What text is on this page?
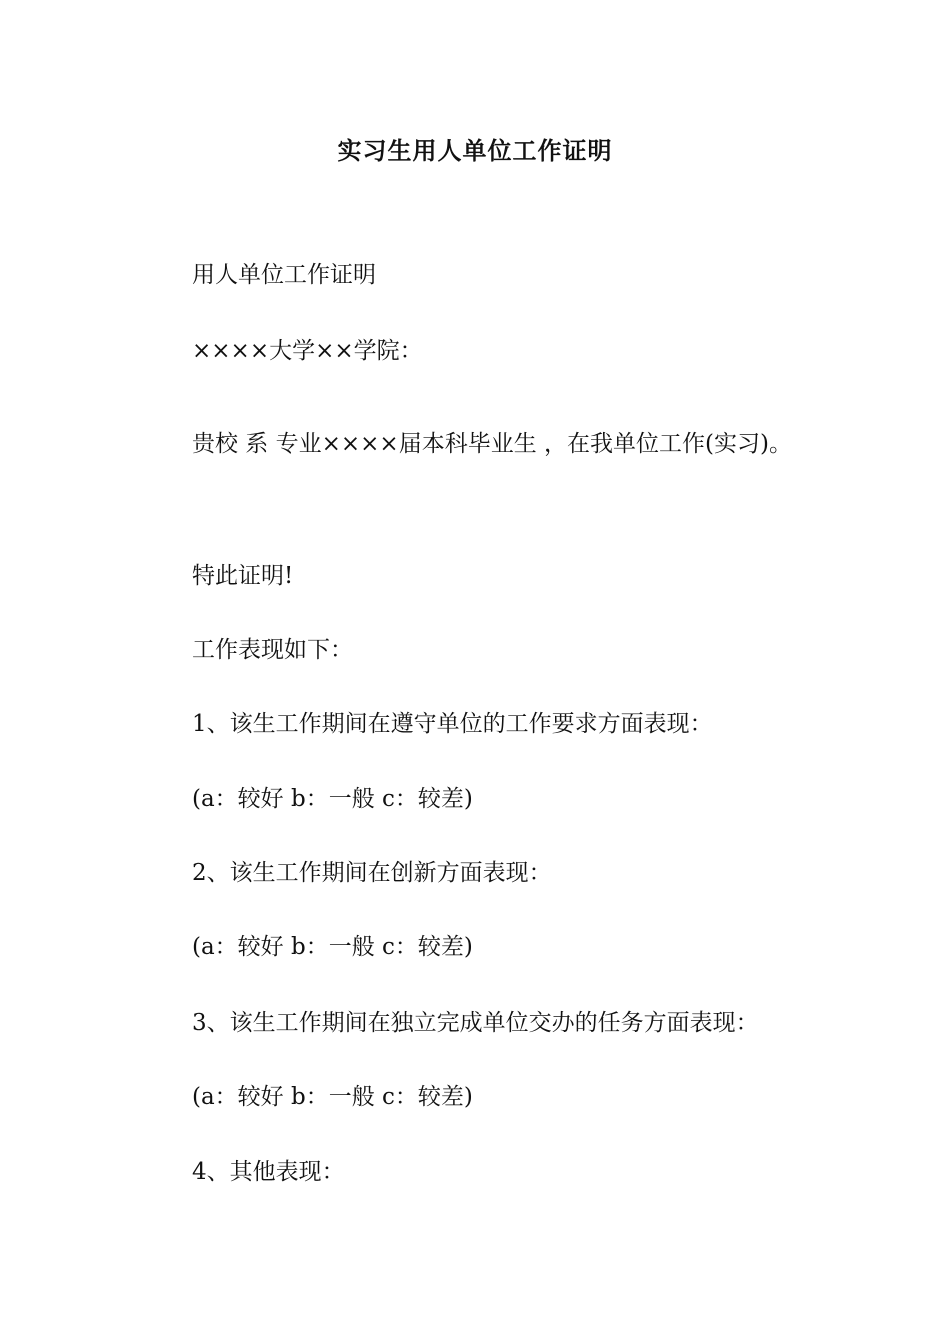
实习生用人单位工作证明
用人单位工作证明
××××大学××学院：
贵校 系 专业××××届本科毕业生 ，在我单位工作(实习)。
特此证明!
工作表现如下：
1、该生工作期间在遵守单位的工作要求方面表现：
(a：较好 b：一般 c：较差)
2、该生工作期间在创新方面表现：
(a：较好 b：一般 c：较差)
3、该生工作期间在独立完成单位交办的任务方面表现：
(a：较好 b：一般 c：较差)
4、其他表现：
